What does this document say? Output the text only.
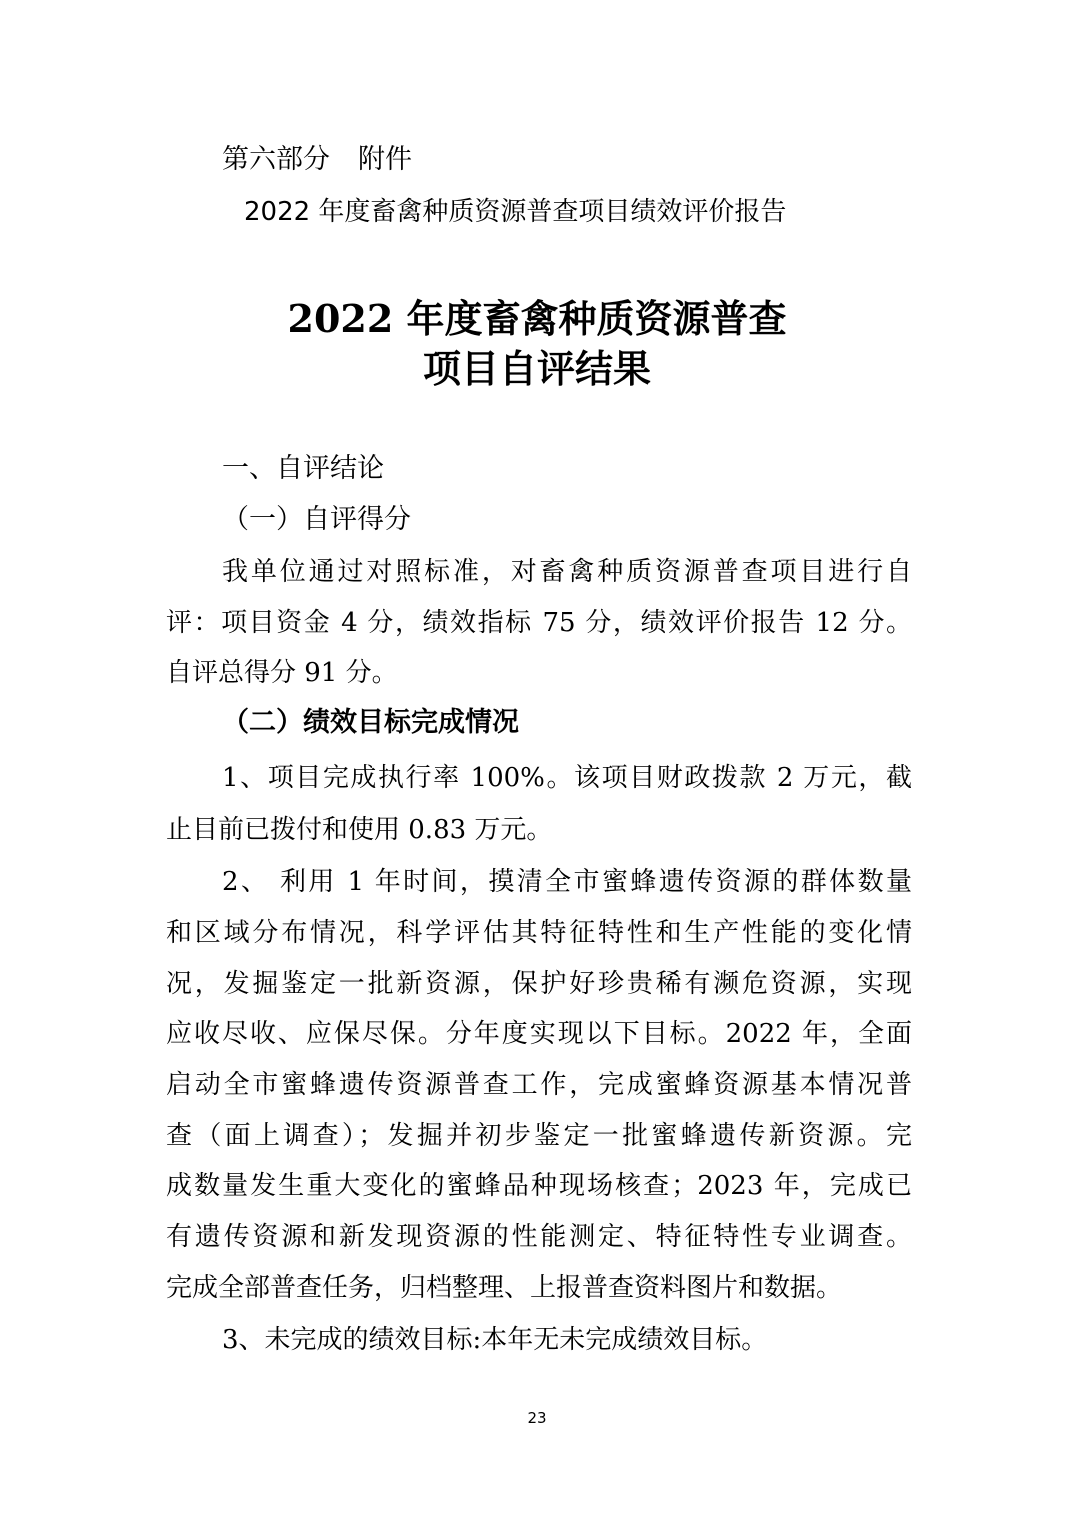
第六部分 附件
2022 年度畜禽种质资源普查项目绩效评价报告
2022 年度畜禽种质资源普查
项目自评结果
一、自评结论
（一）自评得分
我单位通过对照标准，对畜禽种质资源普查项目进行自
评：项目资金 4 分，绩效指标 75 分，绩效评价报告 12 分。
自评总得分 91 分。
（二）绩效目标完成情况
1、项目完成执行率 100%。该项目财政拨款 2 万元，截
止目前已拨付和使用 0.83 万元。
2、 利用 1 年时间，摸清全市蜜蜂遗传资源的群体数量
和区域分布情况，科学评估其特征特性和生产性能的变化情
况，发掘鉴定一批新资源，保护好珍贵稀有濒危资源，实现
应收尽收、应保尽保。分年度实现以下目标。2022 年，全面
启动全市蜜蜂遗传资源普查工作，完成蜜蜂资源基本情况普
查（面上调查）；发掘并初步鉴定一批蜜蜂遗传新资源。完
成数量发生重大变化的蜜蜂品种现场核查；2023 年，完成已
有遗传资源和新发现资源的性能测定、特征特性专业调查。
完成全部普查任务，归档整理、上报普查资料图片和数据。
3、未完成的绩效目标:本年无未完成绩效目标。
23
